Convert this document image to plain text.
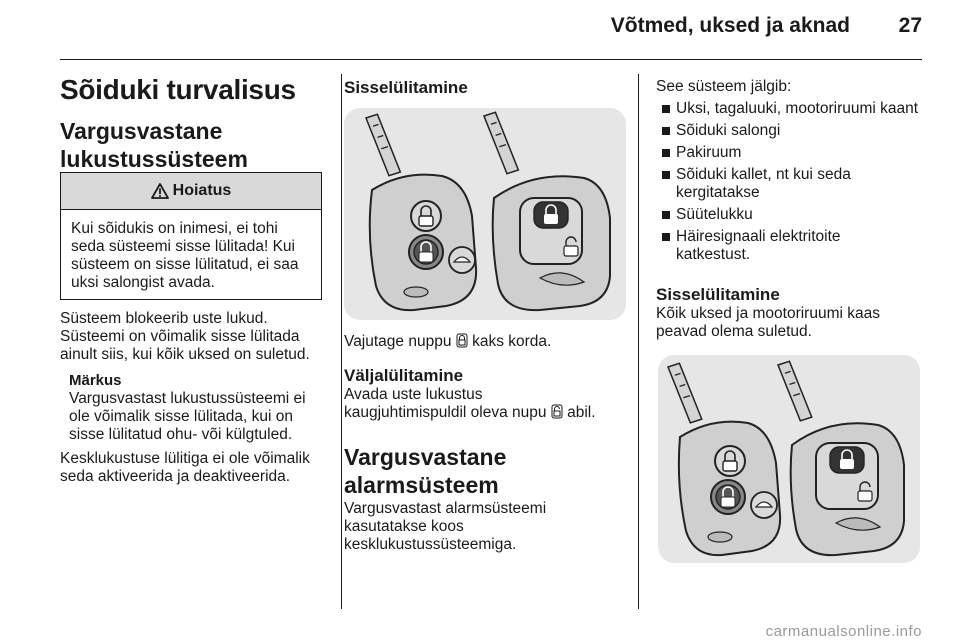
Võtmed, uksed ja aknad 27
Sõiduki turvalisus
Vargusvastane
lukustussüsteem
Hoiatus
Kui sõidukis on inimesi, ei tohi
seda süsteemi sisse lülitada! Kui
süsteem on sisse lülitatud, ei saa
uksi salongist avada.
Süsteem blokeerib uste lukud.
Süsteemi on võimalik sisse lülitada
ainult siis, kui kõik uksed on suletud.
Märkus
Vargusvastast lukustussüsteemi ei
ole võimalik sisse lülitada, kui on
sisse lülitatud ohu- või külgtuled.
Kesklukustuse lülitiga ei ole võimalik
seda aktiveerida ja deaktiveerida.
Sisselülitamine
Vajutage nuppu kaks korda.
Väljalülitamine
Avada uste lukustus
kaugjuhtimispuldil oleva nupu abil.
Vargusvastane
alarmsüsteem
Vargusvastast alarmsüsteemi
kasutatakse koos
kesklukustussüsteemiga.
See süsteem jälgib:
Uksi, tagaluuki, mootoriruumi kaant
Sõiduki salongi
Pakiruum
Sõiduki kallet, nt kui seda
kergitatakse
Süütelukku
Häiresignaali elektritoite
katkestust.
Sisselülitamine
Kõik uksed ja mootoriruumi kaas
peavad olema suletud.
carmanualsonline.info
